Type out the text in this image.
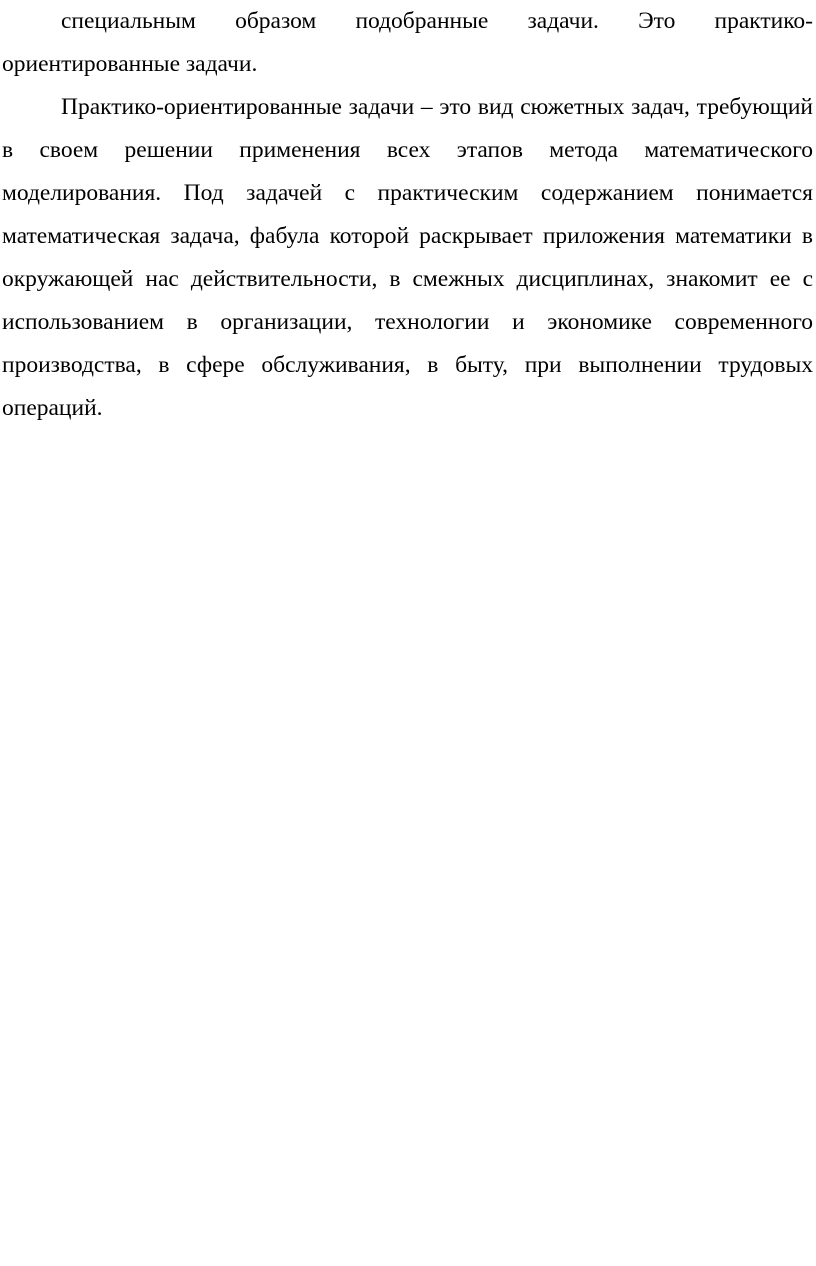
специальным образом подобранные задачи. Это практико-ориентированные задачи.

Практико-ориентированные задачи – это вид сюжетных задач, требующий в своем решении применения всех этапов метода математического моделирования. Под задачей с практическим содержанием понимается математическая задача, фабула которой раскрывает приложения математики в окружающей нас действительности, в смежных дисциплинах, знакомит ее с использованием в организации, технологии и экономике современного производства, в сфере обслуживания, в быту, при выполнении трудовых операций.
